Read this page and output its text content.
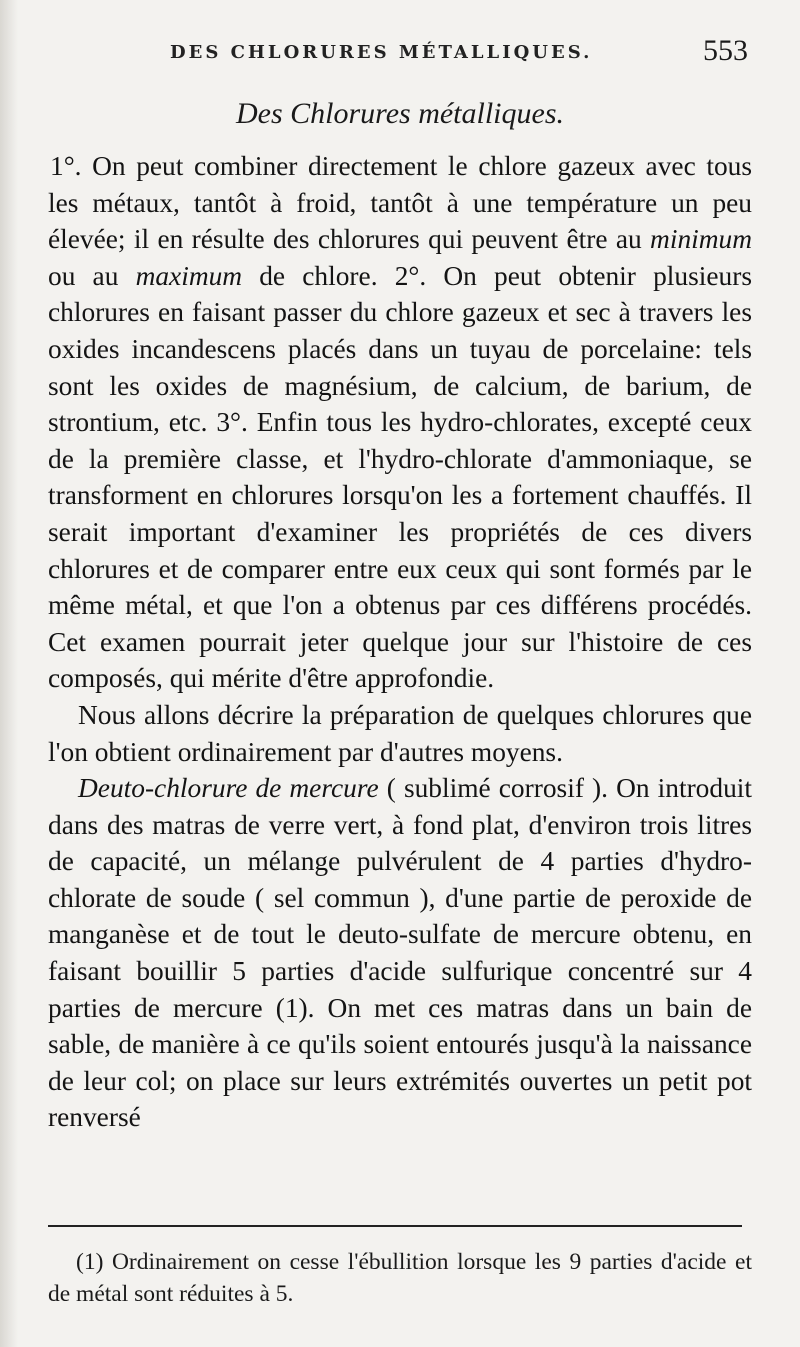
DES CHLORURES MÉTALLIQUES.	553
Des Chlorures métalliques.

1°. On peut combiner directement le chlore gazeux avec tous les métaux, tantôt à froid, tantôt à une température un peu élevée; il en résulte des chlorures qui peuvent être au minimum ou au maximum de chlore. 2°. On peut obtenir plusieurs chlorures en faisant passer du chlore gazeux et sec à travers les oxides incandescens placés dans un tuyau de porcelaine: tels sont les oxides de magnésium, de calcium, de barium, de strontium, etc. 3°. Enfin tous les hydro-chlorates, excepté ceux de la première classe, et l'hydro-chlorate d'ammoniaque, se transforment en chlorures lorsqu'on les a fortement chauffés. Il serait important d'examiner les propriétés de ces divers chlorures et de comparer entre eux ceux qui sont formés par le même métal, et que l'on a obtenus par ces différens procédés. Cet examen pourrait jeter quelque jour sur l'histoire de ces composés, qui mérite d'être approfondie.

Nous allons décrire la préparation de quelques chlorures que l'on obtient ordinairement par d'autres moyens.

Deuto-chlorure de mercure ( sublimé corrosif ). On introduit dans des matras de verre vert, à fond plat, d'environ trois litres de capacité, un mélange pulvérulent de 4 parties d'hydro-chlorate de soude ( sel commun ), d'une partie de peroxide de manganèse et de tout le deuto-sulfate de mercure obtenu, en faisant bouillir 5 parties d'acide sulfurique concentré sur 4 parties de mercure (1). On met ces matras dans un bain de sable, de manière à ce qu'ils soient entourés jusqu'à la naissance de leur col; on place sur leurs extrémités ouvertes un petit pot renversé

(1) Ordinairement on cesse l'ébullition lorsque les 9 parties d'acide et de métal sont réduites à 5.
